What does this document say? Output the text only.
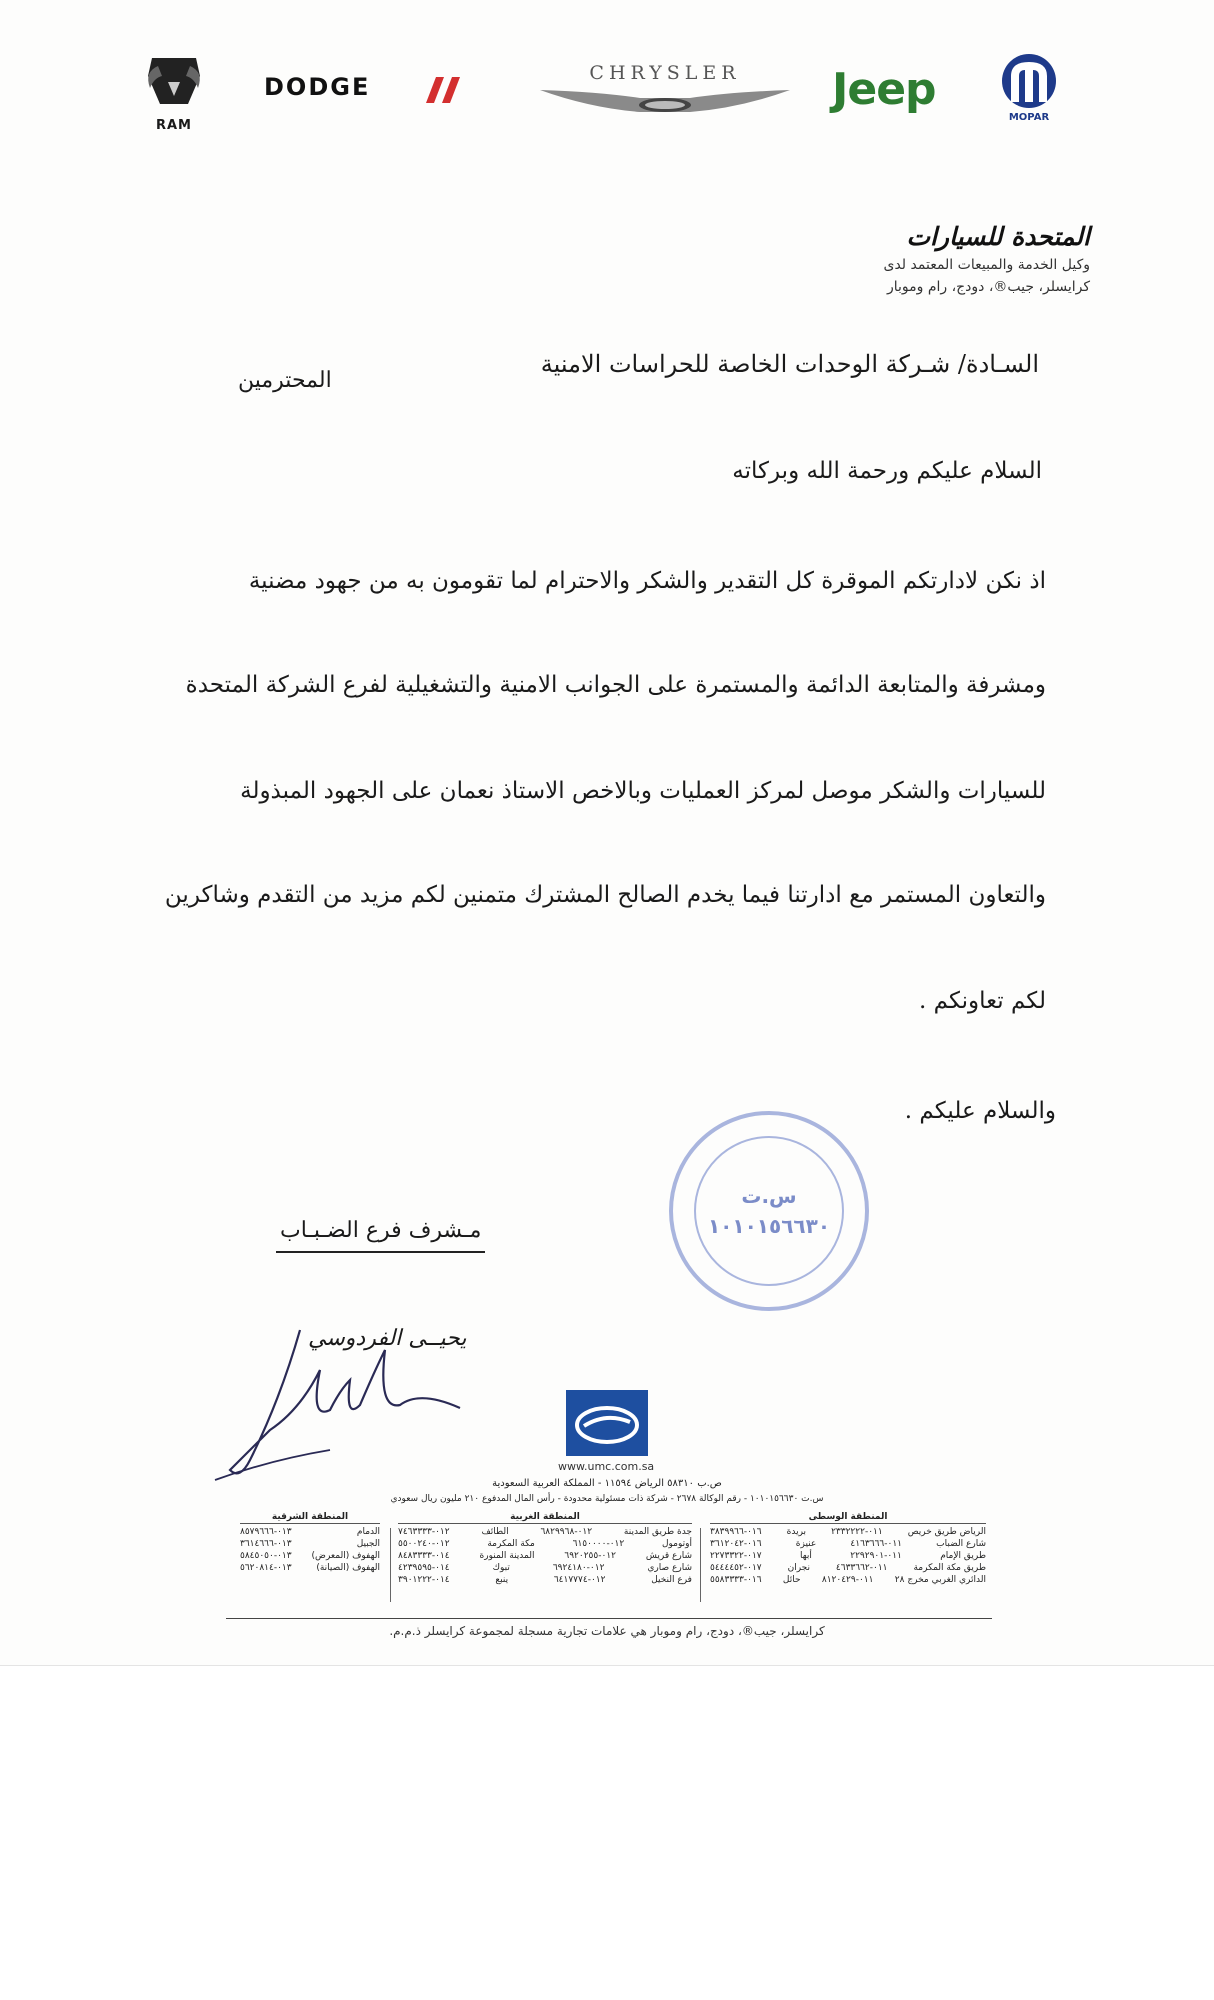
RAM
DODGE	CHRYSLER	Jeep
MOPAR
المتحدة للسيارات
وكيل الخدمة والمبيعات المعتمد لدى
كرايسلر، جيب®، دودج، رام وموبار
السـادة/ شـركة الوحدات الخاصة للحراسات الامنية
المحترمين
السلام عليكم ورحمة الله وبركاته
اذ نكن لادارتكم الموقرة كل التقدير والشكر والاحترام لما تقومون به من جهود مضنية
ومشرفة والمتابعة الدائمة والمستمرة على الجوانب الامنية والتشغيلية لفرع الشركة المتحدة
للسيارات والشكر موصل لمركز العمليات وبالاخص الاستاذ نعمان على الجهود المبذولة
والتعاون المستمر مع ادارتنا فيما يخدم الصالح المشترك متمنين لكم مزيد من التقدم وشاكرين
لكم تعاونكم .
والسلام عليكم .
س.ت
١٠١٠١٥٦٦٣٠
مـشرف فرع الضـبـاب
يحيــى الفردوسي
www.umc.com.sa
ص.ب ٥٨٣١٠ الرياض ١١٥٩٤ - المملكة العربية السعودية
س.ت ١٠١٠١٥٦٦٣٠ - رقم الوكالة ٢٦٧٨ - شركة ذات مسئولية محدودة - رأس المال المدفوع ٢١٠ مليون ريال سعودي
المنطقة الوسطى
الرياض طريق خريص
٠١١-٢٣٣٢٢٢٢
بريدة
٠١٦-٣٨٣٩٩٦٦
شارع الضباب
٠١١-٤١٦٣٦٦٦
عنيزة
٠١٦-٣٦١٢٠٤٢
طريق الإمام
٠١١-٢٢٩٢٩٠١
أبها
٠١٧-٢٢٧٣٣٢٢
طريق مكة المكرمة
٠١١-٤٦٣٣٦٦٢
نجران
٠١٧-٥٤٤٤٤٥٢
الدائري الغربي مخرج ٢٨
٠١١-٨١٢٠٤٢٩
حائل
٠١٦-٥٥٨٣٣٣٣
المنطقة الغربية
جدة طريق المدينة
٠١٢-٦٨٢٩٩٦٨
الطائف
٠١٢-٧٤٦٣٣٣٣
أوتومول
٠١٢-٦١٥٠٠٠٠
مكة المكرمة
٠١٢-٥٥٠٠٢٤٠
شارع قريش
٠١٢-٦٩٢٠٢٥٥
المدينة المنورة
٠١٤-٨٤٨٣٣٣٣
شارع صاري
٠١٢-٦٩٢٤١٨٠
تبوك
٠١٤-٤٢٣٩٥٩٥
فرع النخيل
٠١٢-٦٤١٧٧٧٤
ينبع
٠١٤-٣٩٠١٢٢٢
المنطقة الشرقية
الدمام
٠١٣-٨٥٧٩٦٦٦
الجبيل
٠١٣-٣٦١٤٦٦٦
الهفوف (المعرض)
٠١٣-٥٨٤٥٠٥٠
الهفوف (الصيانة)
٠١٣-٥٦٢٠٨١٤
كرايسلر، جيب®، دودج، رام وموبار هي علامات تجارية مسجلة لمجموعة كرايسلر ذ.م.م.
